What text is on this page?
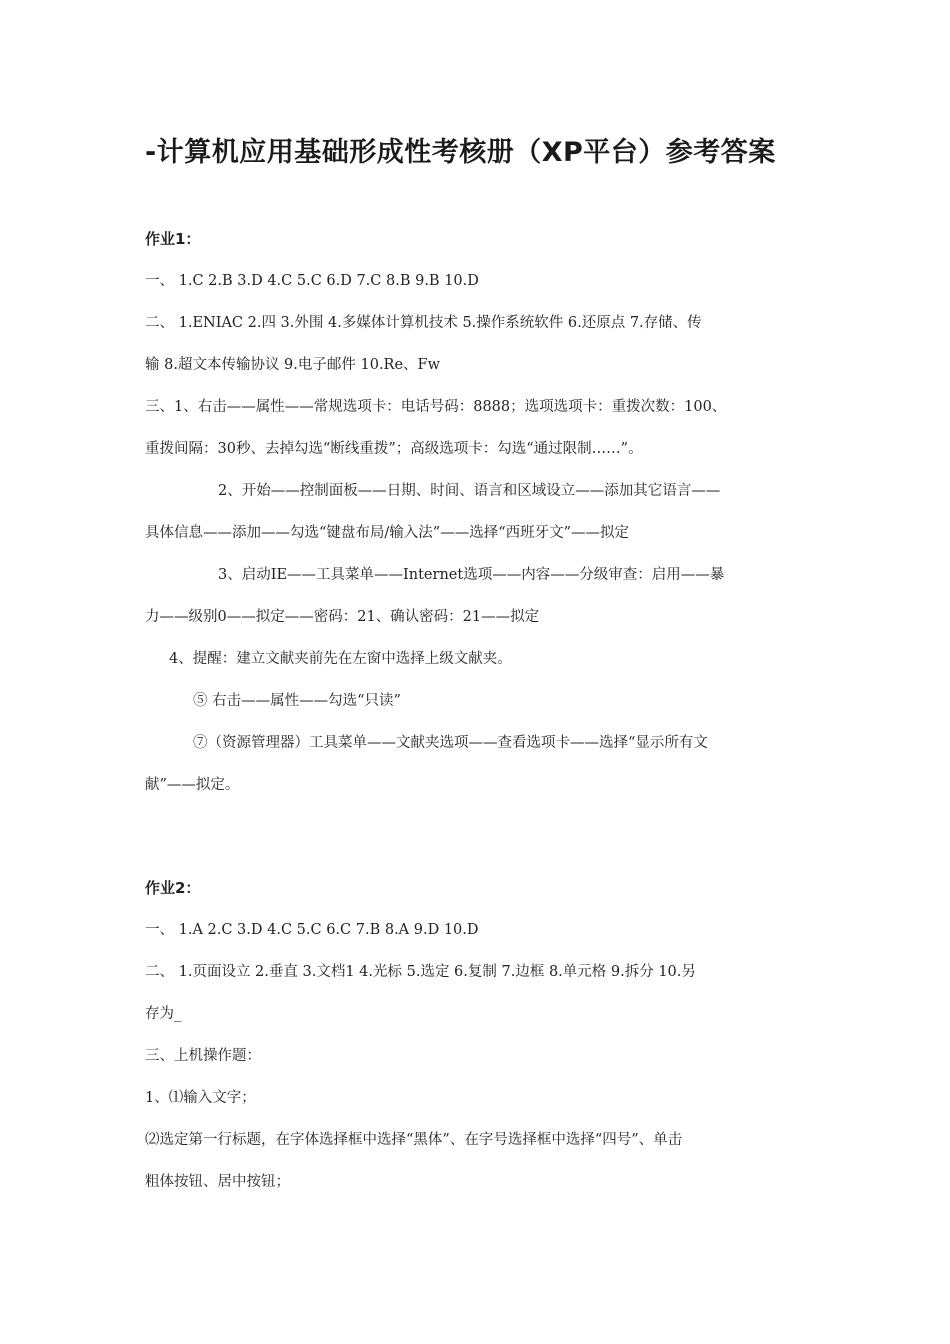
-计算机应用基础形成性考核册（XP平台）参考答案

作业1：

一、 1.C 2.B 3.D 4.C 5.C 6.D 7.C 8.B 9.B 10.D

二、 1.ENIAC 2.四 3.外围 4.多媒体计算机技术 5.操作系统软件 6.还原点 7.存储、传

输 8.超文本传输协议 9.电子邮件 10.Re、Fw

三、1、右击——属性——常规选项卡：电话号码：8888；选项选项卡：重拨次数：100、

重拨间隔：30秒、去掉勾选“断线重拨”；高级选项卡：勾选“通过限制……”。

2、开始——控制面板——日期、时间、语言和区域设立——添加其它语言——

具体信息——添加——勾选“键盘布局/输入法”——选择“西班牙文”——拟定

3、启动IE——工具菜单——Internet选项——内容——分级审查：启用——暴

力——级别0——拟定——密码：21、确认密码：21——拟定

4、提醒：建立文献夹前先在左窗中选择上级文献夹。

⑤ 右击——属性——勾选“只读”

⑦（资源管理器）工具菜单——文献夹选项——查看选项卡——选择“显示所有文

献”——拟定。

作业2：

一、 1.A 2.C 3.D 4.C 5.C 6.C 7.B 8.A 9.D 10.D

二、 1.页面设立 2.垂直 3.文档1 4.光标 5.选定 6.复制 7.边框 8.单元格 9.拆分 10.另

存为_

三、上机操作题：

1、⑴输入文字；

⑵选定第一行标题，在字体选择框中选择“黑体”、在字号选择框中选择“四号”、单击

粗体按钮、居中按钮；
